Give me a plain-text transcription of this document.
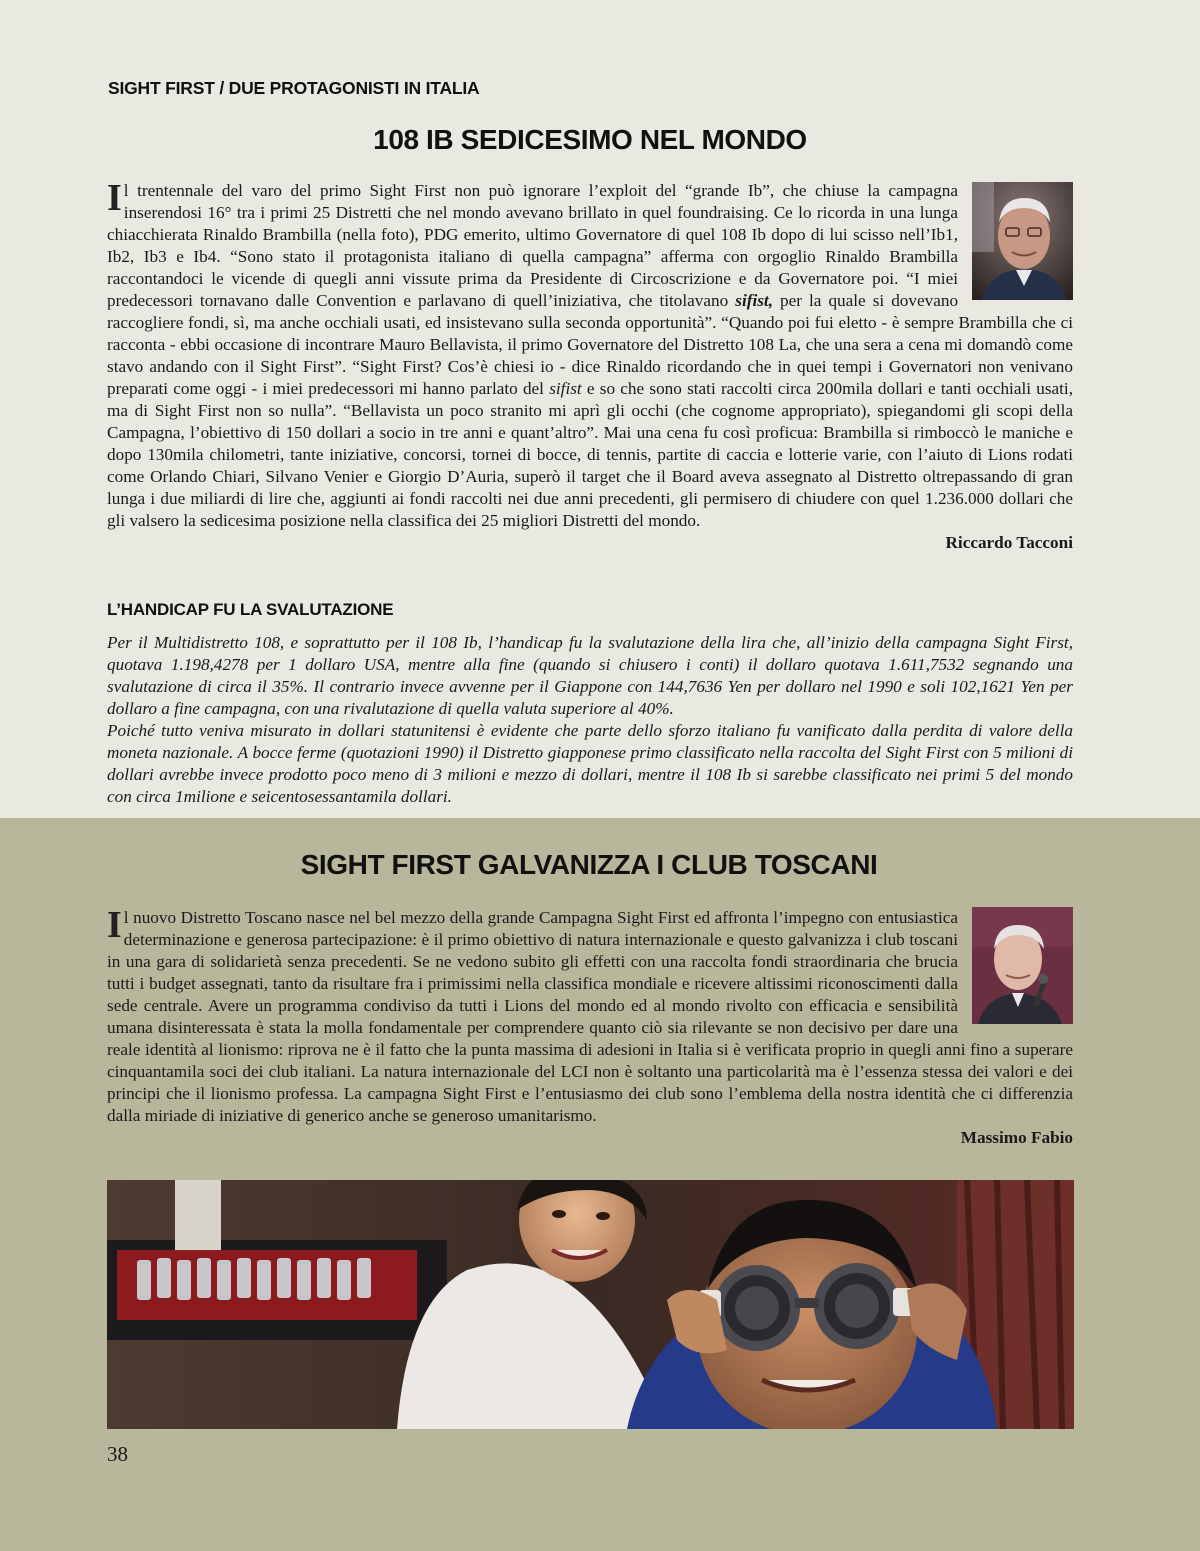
SIGHT FIRST / DUE PROTAGONISTI IN ITALIA
108 IB SEDICESIMO NEL MONDO
Il trentennale del varo del primo Sight First non può ignorare l’exploit del “grande Ib”, che chiuse la campagna inserendosi 16° tra i primi 25 Distretti che nel mondo avevano brillato in quel foundraising. Ce lo ricorda in una lunga chiacchierata Rinaldo Brambilla (nella foto), PDG emerito, ultimo Governatore di quel 108 Ib dopo di lui scisso nell’Ib1, Ib2, Ib3 e Ib4. “Sono stato il protagonista italiano di quella campagna” afferma con orgoglio Rinaldo Brambilla raccontandoci le vicende di quegli anni vissute prima da Presidente di Circoscrizione e da Governatore poi. “I miei predecessori tornavano dalle Convention e parlavano di quell’iniziativa, che titolavano sifist, per la quale si dovevano raccogliere fondi, sì, ma anche occhiali usati, ed insistevano sulla seconda opportunità”. “Quando poi fui eletto - è sempre Brambilla che ci racconta - ebbi occasione di incontrare Mauro Bellavista, il primo Governatore del Distretto 108 La, che una sera a cena mi domandò come stavo andando con il Sight First”. “Sight First? Cos’è chiesi io - dice Rinaldo ricordando che in quei tempi i Governatori non venivano preparati come oggi - i miei predecessori mi hanno parlato del sifist e so che sono stati raccolti circa 200mila dollari e tanti occhiali usati, ma di Sight First non so nulla”. “Bellavista un poco stranito mi aprì gli occhi (che cognome appropriato), spiegandomi gli scopi della Campagna, l’obiettivo di 150 dollari a socio in tre anni e quant’altro”. Mai una cena fu così proficua: Brambilla si rimboccò le maniche e dopo 130mila chilometri, tante iniziative, concorsi, tornei di bocce, di tennis, partite di caccia e lotterie varie, con l’aiuto di Lions rodati come Orlando Chiari, Silvano Venier e Giorgio D’Auria, superò il target che il Board aveva assegnato al Distretto oltrepassando di gran lunga i due miliardi di lire che, aggiunti ai fondi raccolti nei due anni precedenti, gli permisero di chiudere con quel 1.236.000 dollari che gli valsero la sedicesima posizione nella classifica dei 25 migliori Distretti del mondo.
Riccardo Tacconi
L’HANDICAP FU LA SVALUTAZIONE
Per il Multidistretto 108, e soprattutto per il 108 Ib, l’handicap fu la svalutazione della lira che, all’inizio della campagna Sight First, quotava 1.198,4278 per 1 dollaro USA, mentre alla fine (quando si chiusero i conti) il dollaro quotava 1.611,7532 segnando una svalutazione di circa il 35%. Il contrario invece avvenne per il Giappone con 144,7636 Yen per dollaro nel 1990 e soli 102,1621 Yen per dollaro a fine campagna, con una rivalutazione di quella valuta superiore al 40%.
Poiché tutto veniva misurato in dollari statunitensi è evidente che parte dello sforzo italiano fu vanificato dalla perdita di valore della moneta nazionale. A bocce ferme (quotazioni 1990) il Distretto giapponese primo classificato nella raccolta del Sight First con 5 milioni di dollari avrebbe invece prodotto poco meno di 3 milioni e mezzo di dollari, mentre il 108 Ib si sarebbe classificato nei primi 5 del mondo con circa 1milione e seicentosessantamila dollari.
SIGHT FIRST GALVANIZZA I CLUB TOSCANI
Il nuovo Distretto Toscano nasce nel bel mezzo della grande Campagna Sight First ed affronta l’impegno con entusiastica determinazione e generosa partecipazione: è il primo obiettivo di natura internazionale e questo galvanizza i club toscani in una gara di solidarietà senza precedenti. Se ne vedono subito gli effetti con una raccolta fondi straordinaria che brucia tutti i budget assegnati, tanto da risultare fra i primissimi nella classifica mondiale e ricevere altissimi riconoscimenti dalla sede centrale. Avere un programma condiviso da tutti i Lions del mondo ed al mondo rivolto con efficacia e sensibilità umana disinteressata è stata la molla fondamentale per comprendere quanto ciò sia rilevante se non decisivo per dare una reale identità al lionismo: riprova ne è il fatto che la punta massima di adesioni in Italia si è verificata proprio in quegli anni fino a superare cinquantamila soci dei club italiani. La natura internazionale del LCI non è soltanto una particolarità ma è l’essenza stessa dei valori e dei principi che il lionismo professa. La campagna Sight First e l’entusiasmo dei club sono l’emblema della nostra identità che ci differenzia dalla miriade di iniziative di generico anche se generoso umanitarismo.
Massimo Fabio
38
